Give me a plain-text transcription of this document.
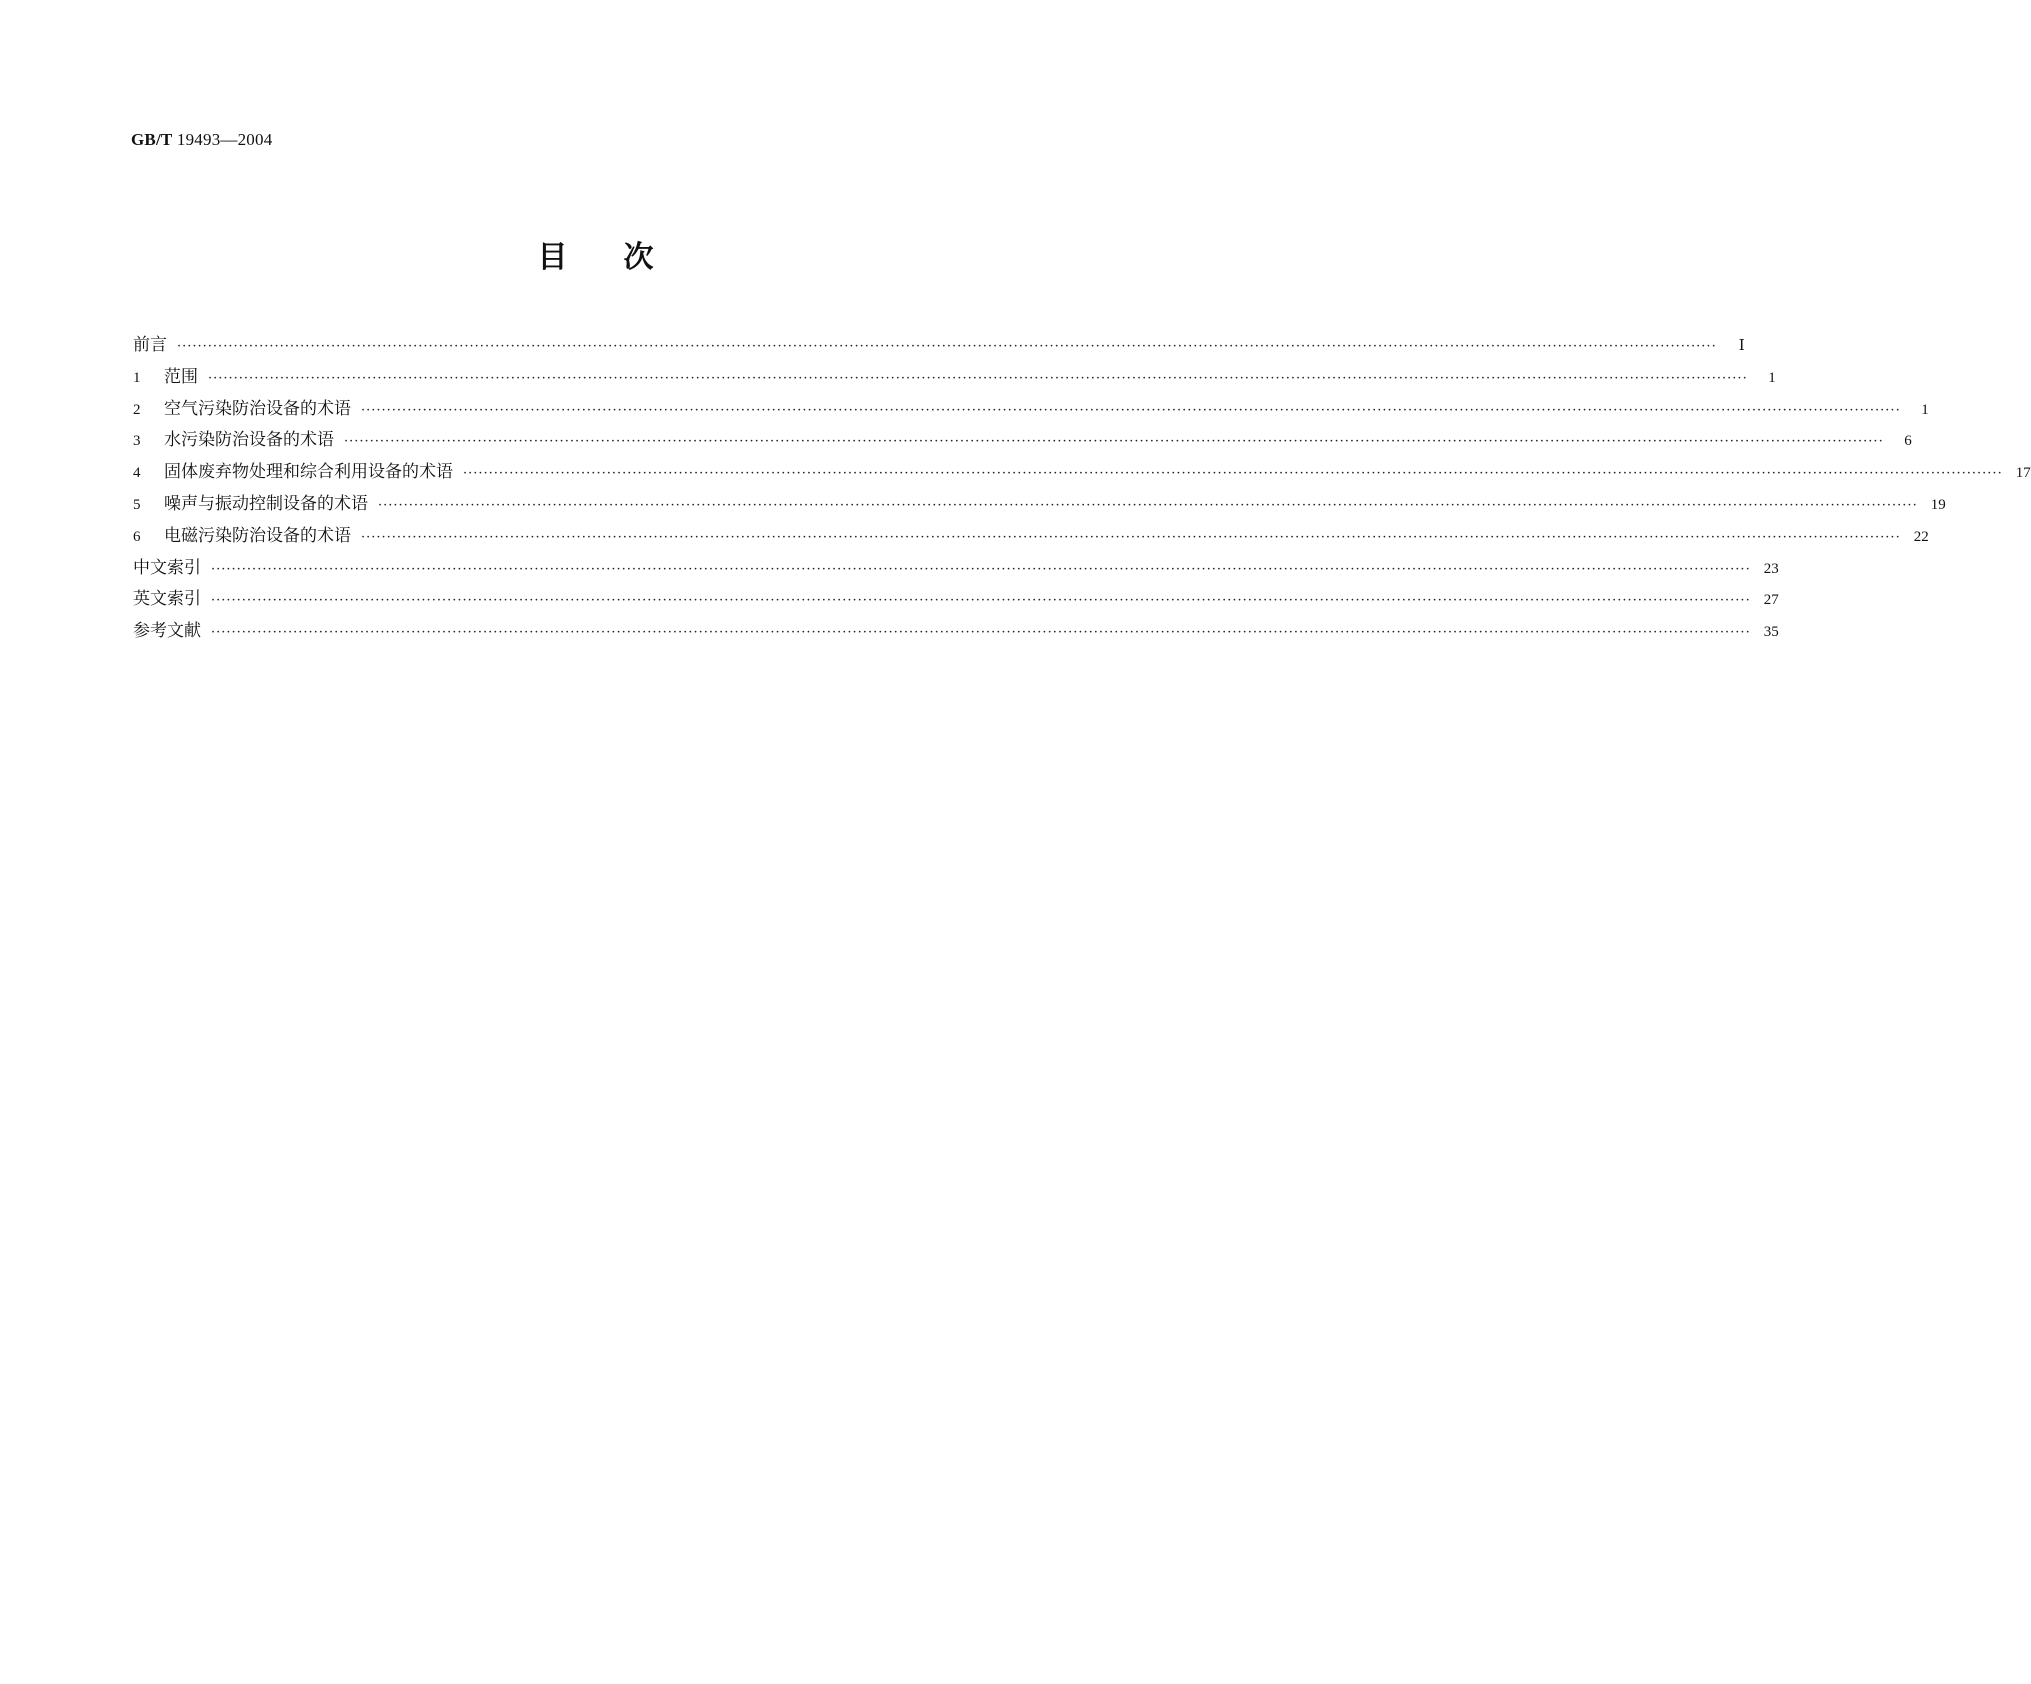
GB/T 19493—2004
目次
前言 ············································································································································································································································································································	Ⅰ
1	范围 ············································································································································································································································································································	1
2	空气污染防治设备的术语 ············································································································································································································································································································	1
3	水污染防治设备的术语 ············································································································································································································································································································	6
4	固体废弃物处理和综合利用设备的术语 ············································································································································································································································································································ 17
5	噪声与振动控制设备的术语 ············································································································································································································································································································ 19
6	电磁污染防治设备的术语 ············································································································································································································································································································ 22
中文索引 ············································································································································································································································································································ 23
英文索引 ············································································································································································································································································································ 27
参考文献 ············································································································································································································································································································ 35
